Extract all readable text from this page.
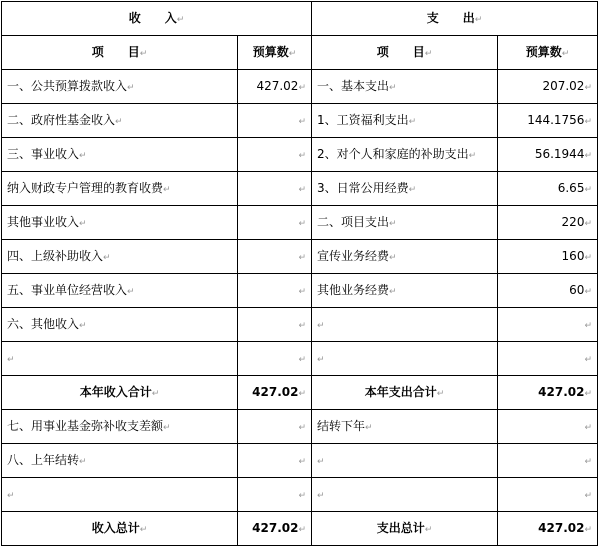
收　　入↵		支　　出↵	
项　　目↵	预算数↵	项　　目↵	预算数↵
一、公共预算拨款收入↵	427.02↵	一、基本支出↵	207.02↵
二、政府性基金收入↵	↵	1、工资福利支出↵	144.1756↵
三、事业收入↵	↵	2、对个人和家庭的补助支出↵	56.1944↵
纳入财政专户管理的教育收费↵	↵	3、日常公用经费↵	6.65↵
其他事业收入↵	↵	二、项目支出↵	220↵
四、上级补助收入↵	↵	宣传业务经费↵	160↵
五、事业单位经营收入↵	↵	其他业务经费↵	60↵
六、其他收入↵	↵	↵	↵
↵	↵	↵	↵
本年收入合计↵	427.02↵	本年支出合计↵	427.02↵
七、用事业基金弥补收支差额↵	↵	结转下年↵	↵
八、上年结转↵	↵	↵	↵
↵	↵	↵	↵
收入总计↵	427.02↵	支出总计↵	427.02↵
